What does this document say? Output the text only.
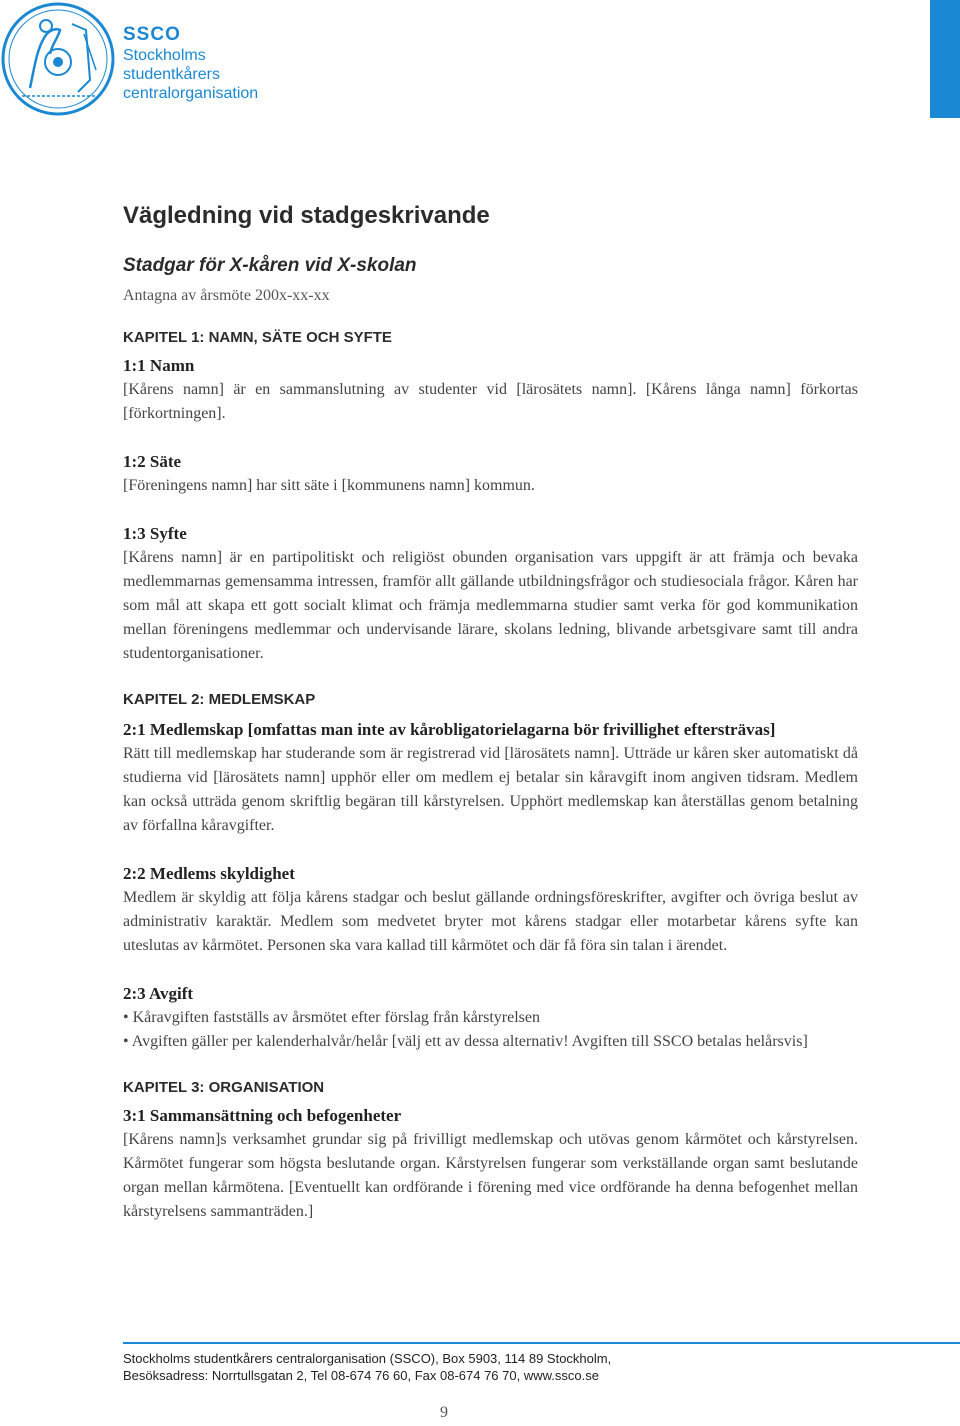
SSCO
Stockholms
studentkårers
centralorganisation
Vägledning vid stadgeskrivande
Stadgar för X-kåren vid X-skolan

Antagna av årsmöte 200x-xx-xx

KAPITEL 1: NAMN, SÄTE OCH SYFTE
1:1 Namn

[Kårens namn] är en sammanslutning av studenter vid [lärosätets namn]. [Kårens långa namn] förkortas [förkortningen].

1:2 Säte

[Föreningens namn] har sitt säte i [kommunens namn] kommun.

1:3 Syfte

[Kårens namn] är en partipolitiskt och religiöst obunden organisation vars uppgift är att främja och bevaka medlemmarnas gemensamma intressen, framför allt gällande utbildningsfrågor och studiesociala frågor. Kåren har som mål att skapa ett gott socialt klimat och främja medlemmarna studier samt verka för god kommunikation mellan föreningens medlemmar och undervisande lärare, skolans ledning, blivande arbetsgivare samt till andra studentorganisationer.

KAPITEL 2: MEDLEMSKAP
2:1 Medlemskap [omfattas man inte av kårobligatorielagarna bör frivillighet eftersträvas]

Rätt till medlemskap har studerande som är registrerad vid [lärosätets namn]. Utträde ur kåren sker automatiskt då studierna vid [lärosätets namn] upphör eller om medlem ej betalar sin kåravgift inom angiven tidsram. Medlem kan också utträda genom skriftlig begäran till kårstyrelsen. Upphört medlemskap kan återställas genom betalning av förfallna kåravgifter.

2:2 Medlems skyldighet

Medlem är skyldig att följa kårens stadgar och beslut gällande ordningsföreskrifter, avgifter och övriga beslut av administrativ karaktär. Medlem som medvetet bryter mot kårens stadgar eller motarbetar kårens syfte kan uteslutas av kårmötet. Personen ska vara kallad till kårmötet och där få föra sin talan i ärendet.

2:3 Avgift
• Kåravgiften fastställs av årsmötet efter förslag från kårstyrelsen
• Avgiften gäller per kalenderhalvår/helår [välj ett av dessa alternativ! Avgiften till SSCO betalas helårsvis]
KAPITEL 3: ORGANISATION
3:1 Sammansättning och befogenheter

[Kårens namn]s verksamhet grundar sig på frivilligt medlemskap och utövas genom kårmötet och kårstyrelsen. Kårmötet fungerar som högsta beslutande organ. Kårstyrelsen fungerar som verkställande organ samt beslutande organ mellan kårmötena. [Eventuellt kan ordförande i förening med vice ordförande ha denna befogenhet mellan kårstyrelsens sammanträden.]

Stockholms studentkårers centralorganisation (SSCO), Box 5903, 114 89 Stockholm,
Besöksadress: Norrtullsgatan 2, Tel 08-674 76 60, Fax 08-674 76 70, www.ssco.se
9
